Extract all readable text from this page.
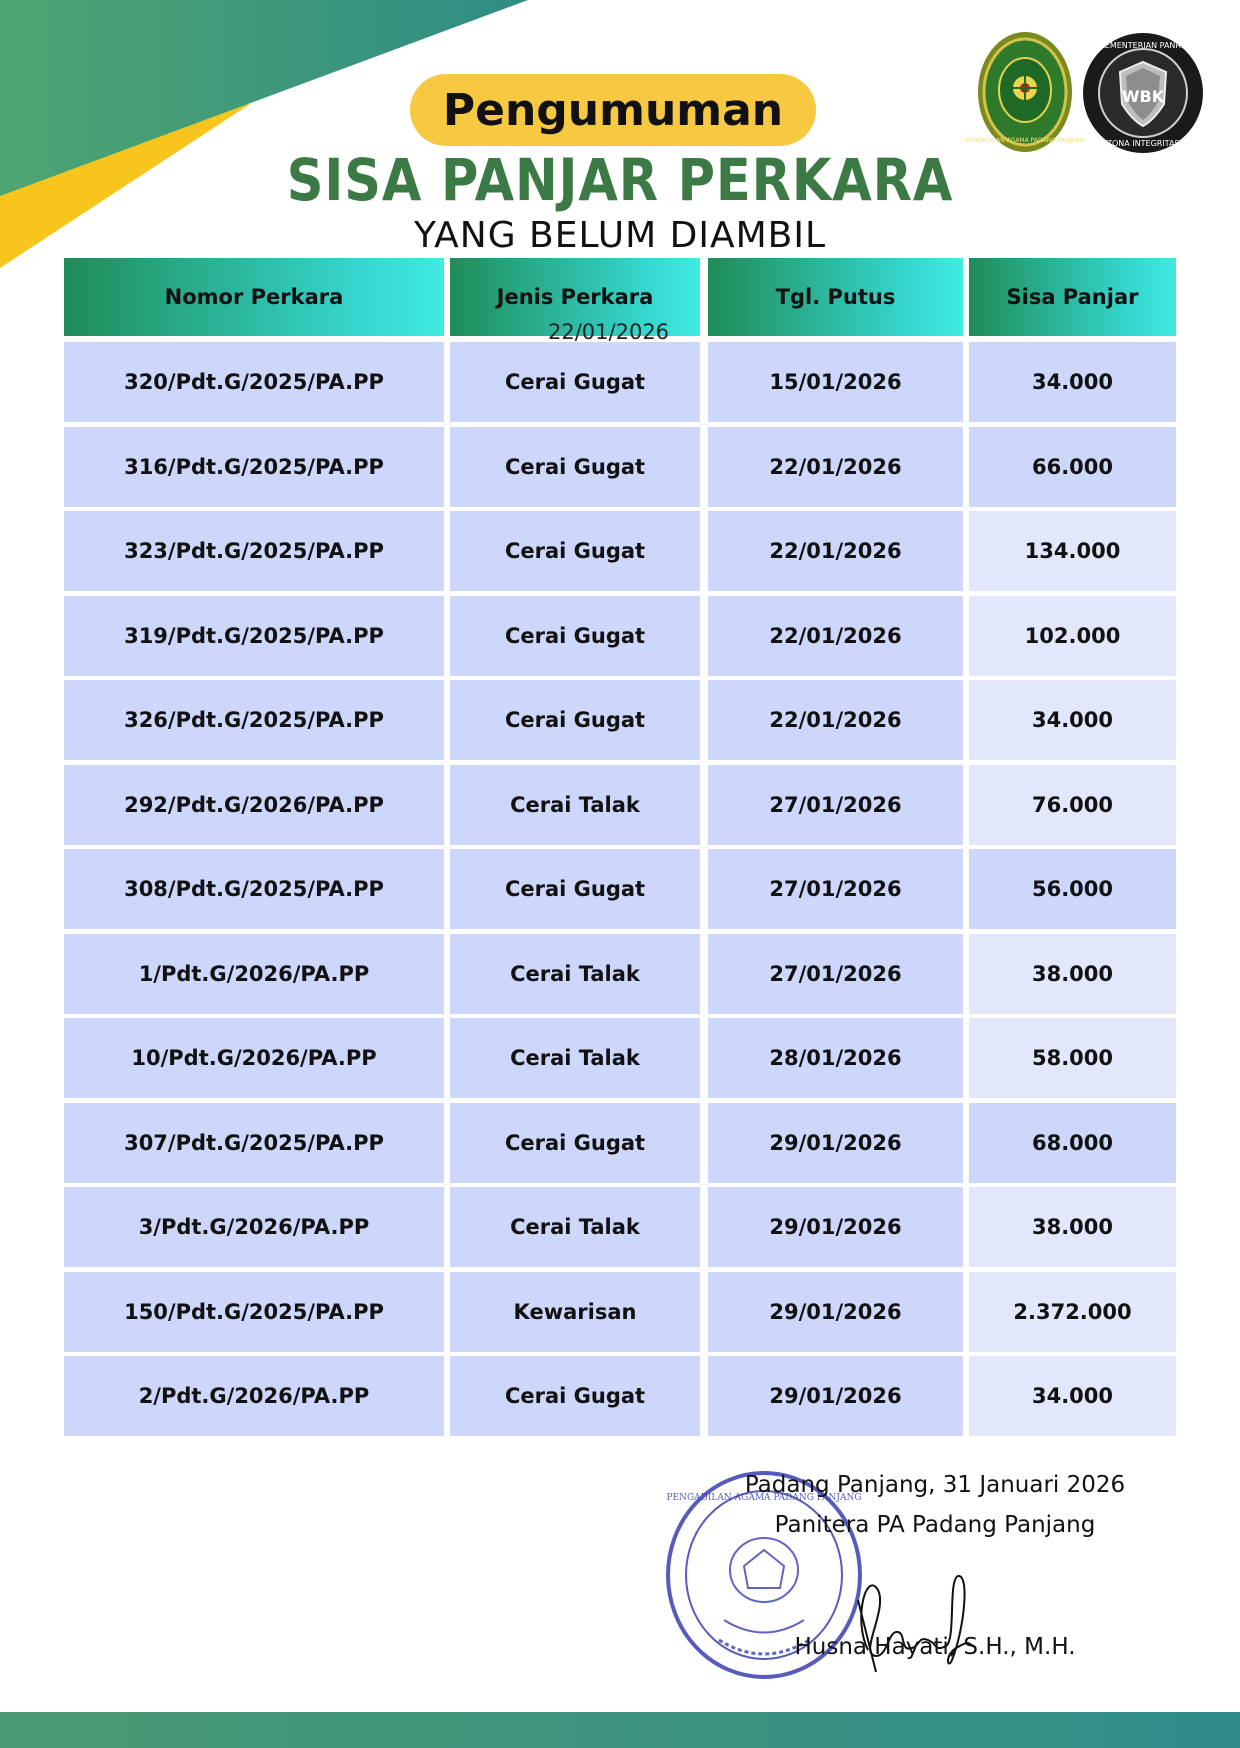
Pengumuman
SISA PANJAR PERKARA
YANG BELUM DIAMBIL
PENGADILAN AGAMA PADANG PANJANG
WBK
KEMENTERIAN PANRB
ZONA INTEGRITAS
Nomor Perkara	Jenis Perkara	Tgl. Putus	Sisa Panjar
320/Pdt.G/2025/PA.PP	Cerai Gugat	15/01/2026	34.000
316/Pdt.G/2025/PA.PP	Cerai Gugat	22/01/2026	66.000
323/Pdt.G/2025/PA.PP	Cerai Gugat	22/01/2026	134.000
319/Pdt.G/2025/PA.PP	Cerai Gugat	22/01/2026	102.000
326/Pdt.G/2025/PA.PP	Cerai Gugat	22/01/2026	34.000
292/Pdt.G/2026/PA.PP	Cerai Talak	27/01/2026	76.000
308/Pdt.G/2025/PA.PP	Cerai Gugat	27/01/2026	56.000
1/Pdt.G/2026/PA.PP	Cerai Talak	27/01/2026	38.000
10/Pdt.G/2026/PA.PP	Cerai Talak	28/01/2026	58.000
307/Pdt.G/2025/PA.PP	Cerai Gugat	29/01/2026	68.000
3/Pdt.G/2026/PA.PP	Cerai Talak	29/01/2026	38.000
150/Pdt.G/2025/PA.PP	Kewarisan	29/01/2026	2.372.000
2/Pdt.G/2026/PA.PP	Cerai Gugat	29/01/2026	34.000
22/01/2026
PENGADILAN AGAMA PADANG PANJANG
Padang Panjang, 31 Januari 2026
Panitera PA Padang Panjang
Husna Hayati, S.H., M.H.
